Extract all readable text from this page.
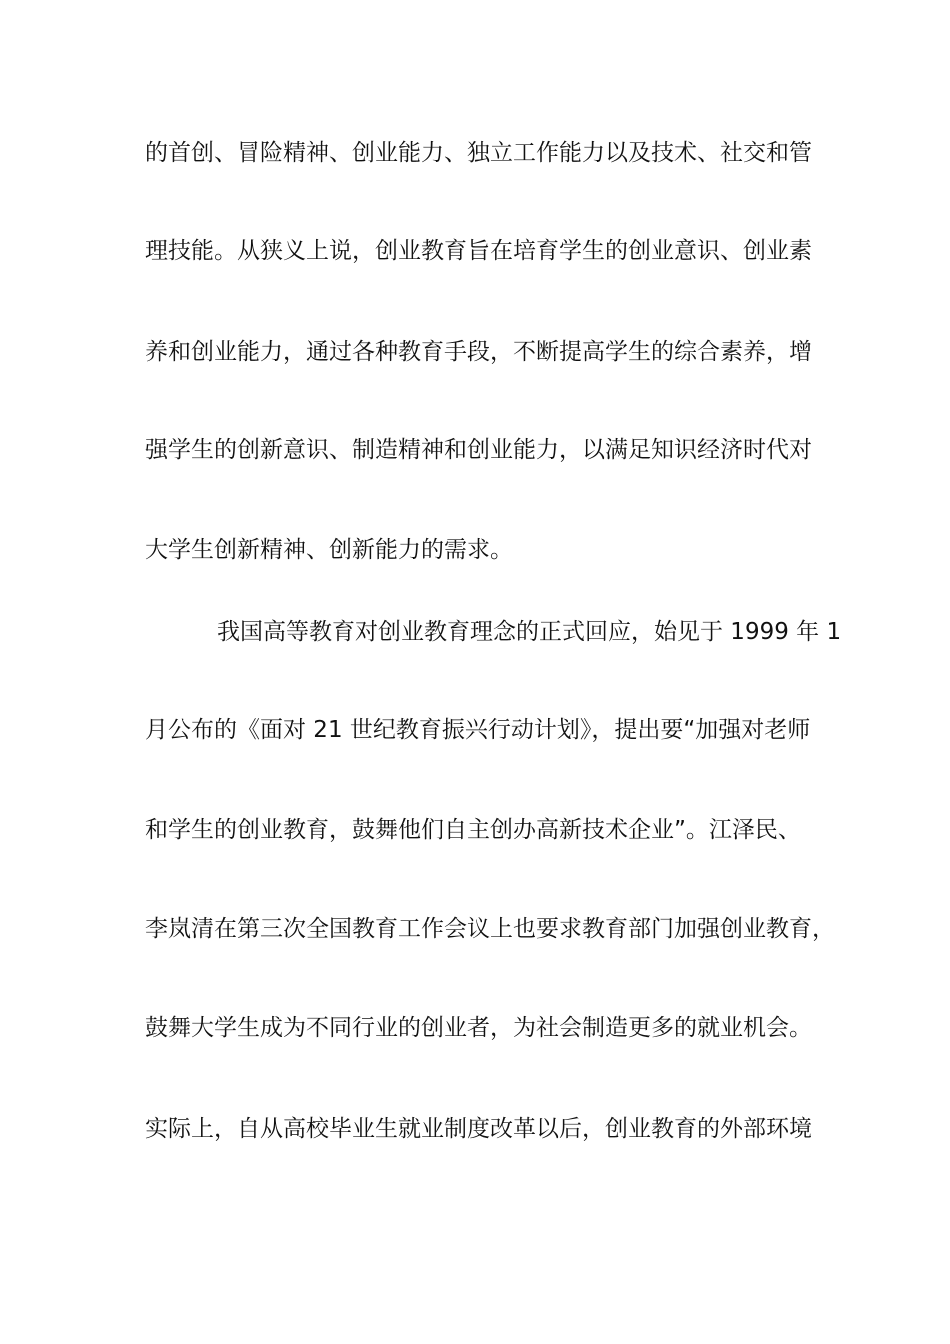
的首创、冒险精神、创业能力、独立工作能力以及技术、社交和管

理技能。从狭义上说，创业教育旨在培育学生的创业意识、创业素

养和创业能力，通过各种教育手段，不断提高学生的综合素养，增

强学生的创新意识、制造精神和创业能力，以满足知识经济时代对

大学生创新精神、创新能力的需求。

我国高等教育对创业教育理念的正式回应，始见于 1999 年 1

月公布的《面对 21 世纪教育振兴行动计划》，提出要“加强对老师

和学生的创业教育，鼓舞他们自主创办高新技术企业”。江泽民、

李岚清在第三次全国教育工作会议上也要求教育部门加强创业教育，

鼓舞大学生成为不同行业的创业者，为社会制造更多的就业机会。

实际上，自从高校毕业生就业制度改革以后，创业教育的外部环境
